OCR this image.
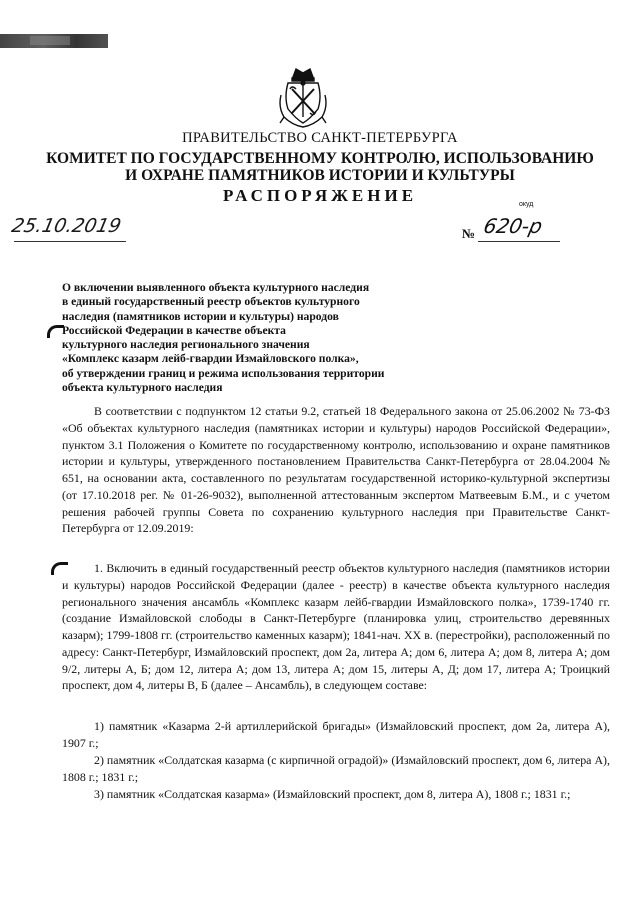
ПРАВИТЕЛЬСТВО САНКТ-ПЕТЕРБУРГА
КОМИТЕТ ПО ГОСУДАРСТВЕННОМУ КОНТРОЛЮ, ИСПОЛЬЗОВАНИЮ
И ОХРАНЕ ПАМЯТНИКОВ ИСТОРИИ И КУЛЬТУРЫ
РАСПОРЯЖЕНИЕ	окуд
25.10.2019	№ 620-р
О включении выявленного объекта культурного наследия
в единый государственный реестр объектов культурного
наследия (памятников истории и культуры) народов
Российской Федерации в качестве объекта
культурного наследия регионального значения
«Комплекс казарм лейб-гвардии Измайловского полка»,
об утверждении границ и режима использования территории
объекта культурного наследия

В соответствии с подпунктом 12 статьи 9.2, статьей 18 Федерального закона от 25.06.2002 № 73-ФЗ «Об объектах культурного наследия (памятниках истории и культуры) народов Российской Федерации», пунктом 3.1 Положения о Комитете по государственному контролю, использованию и охране памятников истории и культуры, утвержденного постановлением Правительства Санкт-Петербурга от 28.04.2004 № 651, на основании акта, составленного по результатам государственной историко-культурной экспертизы (от 17.10.2018 рег. № 01-26-9032), выполненной аттестованным экспертом Матвеевым Б.М., и с учетом решения рабочей группы Совета по сохранению культурного наследия при Правительстве Санкт-Петербурга от 12.09.2019:

1. Включить в единый государственный реестр объектов культурного наследия (памятников истории и культуры) народов Российской Федерации (далее - реестр) в качестве объекта культурного наследия регионального значения ансамбль «Комплекс казарм лейб-гвардии Измайловского полка», 1739-1740 гг. (создание Измайловской слободы в Санкт-Петербурге (планировка улиц, строительство деревянных казарм); 1799-1808 гг. (строительство каменных казарм); 1841-нач. XX в. (перестройки), расположенный по адресу: Санкт-Петербург, Измайловский проспект, дом 2а, литера А; дом 6, литера А; дом 8, литера А; дом 9/2, литеры А, Б; дом 12, литера А; дом 13, литера А; дом 15, литеры А, Д; дом 17, литера А; Троицкий проспект, дом 4, литеры В, Б (далее – Ансамбль), в следующем составе:

1) памятник «Казарма 2-й артиллерийской бригады» (Измайловский проспект, дом 2а, литера А), 1907 г.;

2) памятник «Солдатская казарма (с кирпичной оградой)» (Измайловский проспект, дом 6, литера А), 1808 г.; 1831 г.;

3) памятник «Солдатская казарма» (Измайловский проспект, дом 8, литера А), 1808 г.; 1831 г.;
